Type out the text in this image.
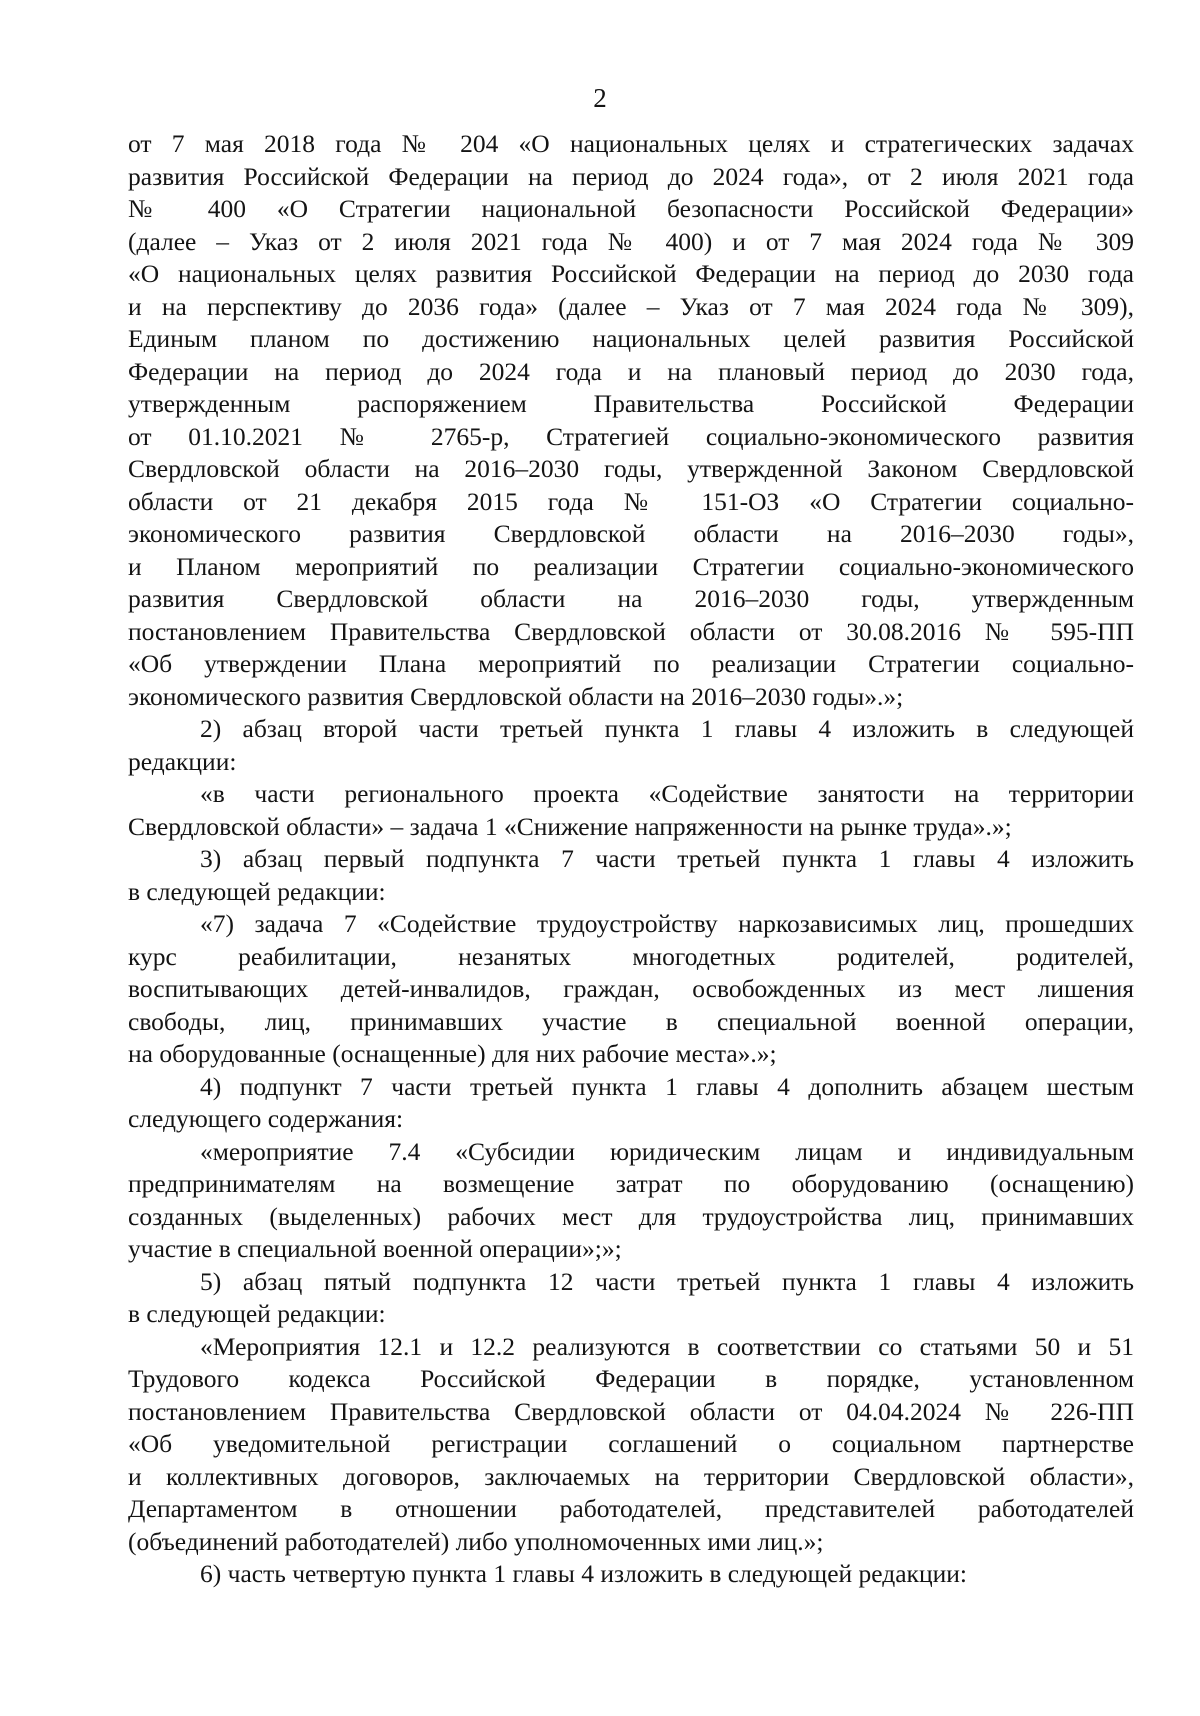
2
от 7 мая 2018 года № 204 «О национальных целях и стратегических задачах
развития Российской Федерации на период до 2024 года», от 2 июля 2021 года
№ 400 «О Стратегии национальной безопасности Российской Федерации»
(далее – Указ от 2 июля 2021 года № 400) и от 7 мая 2024 года № 309
«О национальных целях развития Российской Федерации на период до 2030 года
и на перспективу до 2036 года» (далее – Указ от 7 мая 2024 года № 309),
Единым планом по достижению национальных целей развития Российской
Федерации на период до 2024 года и на плановый период до 2030 года,
утвержденным распоряжением Правительства Российской Федерации
от 01.10.2021 № 2765-р, Стратегией социально-экономического развития
Свердловской области на 2016–2030 годы, утвержденной Законом Свердловской
области от 21 декабря 2015 года № 151-ОЗ «О Стратегии социально-
экономического развития Свердловской области на 2016–2030 годы»,
и Планом мероприятий по реализации Стратегии социально-экономического
развития Свердловской области на 2016–2030 годы, утвержденным
постановлением Правительства Свердловской области от 30.08.2016 № 595-ПП
«Об утверждении Плана мероприятий по реализации Стратегии социально-
экономического развития Свердловской области на 2016–2030 годы».»;
2) абзац второй части третьей пункта 1 главы 4 изложить в следующей
редакции:
«в части регионального проекта «Содействие занятости на территории
Свердловской области» – задача 1 «Снижение напряженности на рынке труда».»;
3) абзац первый подпункта 7 части третьей пункта 1 главы 4 изложить
в следующей редакции:
«7) задача 7 «Содействие трудоустройству наркозависимых лиц, прошедших
курс реабилитации, незанятых многодетных родителей, родителей,
воспитывающих детей-инвалидов, граждан, освобожденных из мест лишения
свободы, лиц, принимавших участие в специальной военной операции,
на оборудованные (оснащенные) для них рабочие места».»;
4) подпункт 7 части третьей пункта 1 главы 4 дополнить абзацем шестым
следующего содержания:
«мероприятие 7.4 «Субсидии юридическим лицам и индивидуальным
предпринимателям на возмещение затрат по оборудованию (оснащению)
созданных (выделенных) рабочих мест для трудоустройства лиц, принимавших
участие в специальной военной операции»;»;
5) абзац пятый подпункта 12 части третьей пункта 1 главы 4 изложить
в следующей редакции:
«Мероприятия 12.1 и 12.2 реализуются в соответствии со статьями 50 и 51
Трудового кодекса Российской Федерации в порядке, установленном
постановлением Правительства Свердловской области от 04.04.2024 № 226-ПП
«Об уведомительной регистрации соглашений о социальном партнерстве
и коллективных договоров, заключаемых на территории Свердловской области»,
Департаментом в отношении работодателей, представителей работодателей
(объединений работодателей) либо уполномоченных ими лиц.»;
6) часть четвертую пункта 1 главы 4 изложить в следующей редакции:
